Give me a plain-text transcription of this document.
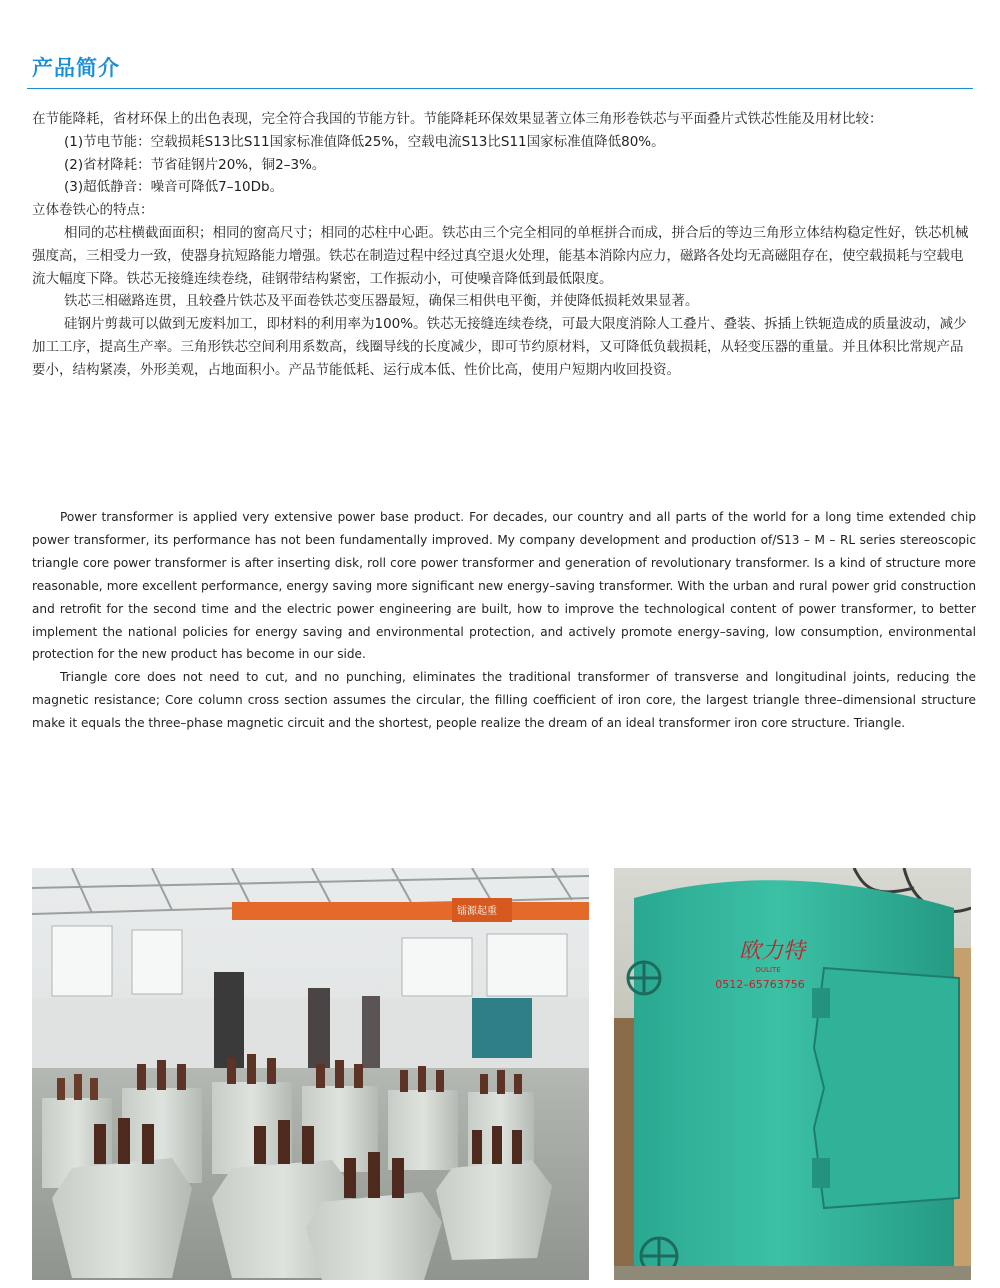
产品简介

在节能降耗，省材环保上的出色表现，完全符合我国的节能方针。节能降耗环保效果显著立体三角形卷铁芯与平面叠片式铁芯性能及用材比较：

(1)节电节能：空载损耗S13比S11国家标准值降低25%，空载电流S13比S11国家标准值降低80%。

(2)省材降耗：节省硅钢片20%，铜2–3%。

(3)超低静音：噪音可降低7–10Db。

立体卷铁心的特点：

相同的芯柱横截面面积；相同的窗高尺寸；相同的芯柱中心距。铁芯由三个完全相同的单框拼合而成，拼合后的等边三角形立体结构稳定性好，铁芯机械强度高，三相受力一致，使器身抗短路能力增强。铁芯在制造过程中经过真空退火处理，能基本消除内应力，磁路各处均无高磁阻存在，使空载损耗与空载电流大幅度下降。铁芯无接缝连续卷绕，硅钢带结构紧密，工作振动小，可使噪音降低到最低限度。

铁芯三相磁路连贯，且较叠片铁芯及平面卷铁芯变压器最短，确保三相供电平衡，并使降低损耗效果显著。

硅钢片剪裁可以做到无废料加工，即材料的利用率为100%。铁芯无接缝连续卷绕，可最大限度消除人工叠片、叠装、拆插上铁轭造成的质量波动，减少加工工序，提高生产率。三角形铁芯空间利用系数高，线圈导线的长度减少，即可节约原材料，又可降低负载损耗，从轻变压器的重量。并且体积比常规产品要小，结构紧凑，外形美观，占地面积小。产品节能低耗、运行成本低、性价比高，使用户短期内收回投资。

Power transformer is applied very extensive power base product. For decades, our country and all parts of the world for a long time extended chip power transformer, its performance has not been fundamentally improved. My company development and production of/S13 – M – RL series stereoscopic triangle core power transformer is after inserting disk, roll core power transformer and generation of revolutionary transformer. Is a kind of structure more reasonable, more excellent performance, energy saving more significant new energy–saving transformer. With the urban and rural power grid construction and retrofit for the second time and the electric power engineering are built, how to improve the technological content of power transformer, to better implement the national policies for energy saving and environmental protection, and actively promote energy–saving, low consumption, environmental protection for the new product has become in our side.

Triangle core does not need to cut, and no punching, eliminates the traditional transformer of transverse and longitudinal joints, reducing the magnetic resistance; Core column cross section assumes the circular, the filling coefficient of iron core, the largest triangle three–dimensional structure make it equals the three–phase magnetic circuit and the shortest, people realize the dream of an ideal transformer iron core structure. Triangle.

镭源起重
欧力特
OULITE
0512–65763756
